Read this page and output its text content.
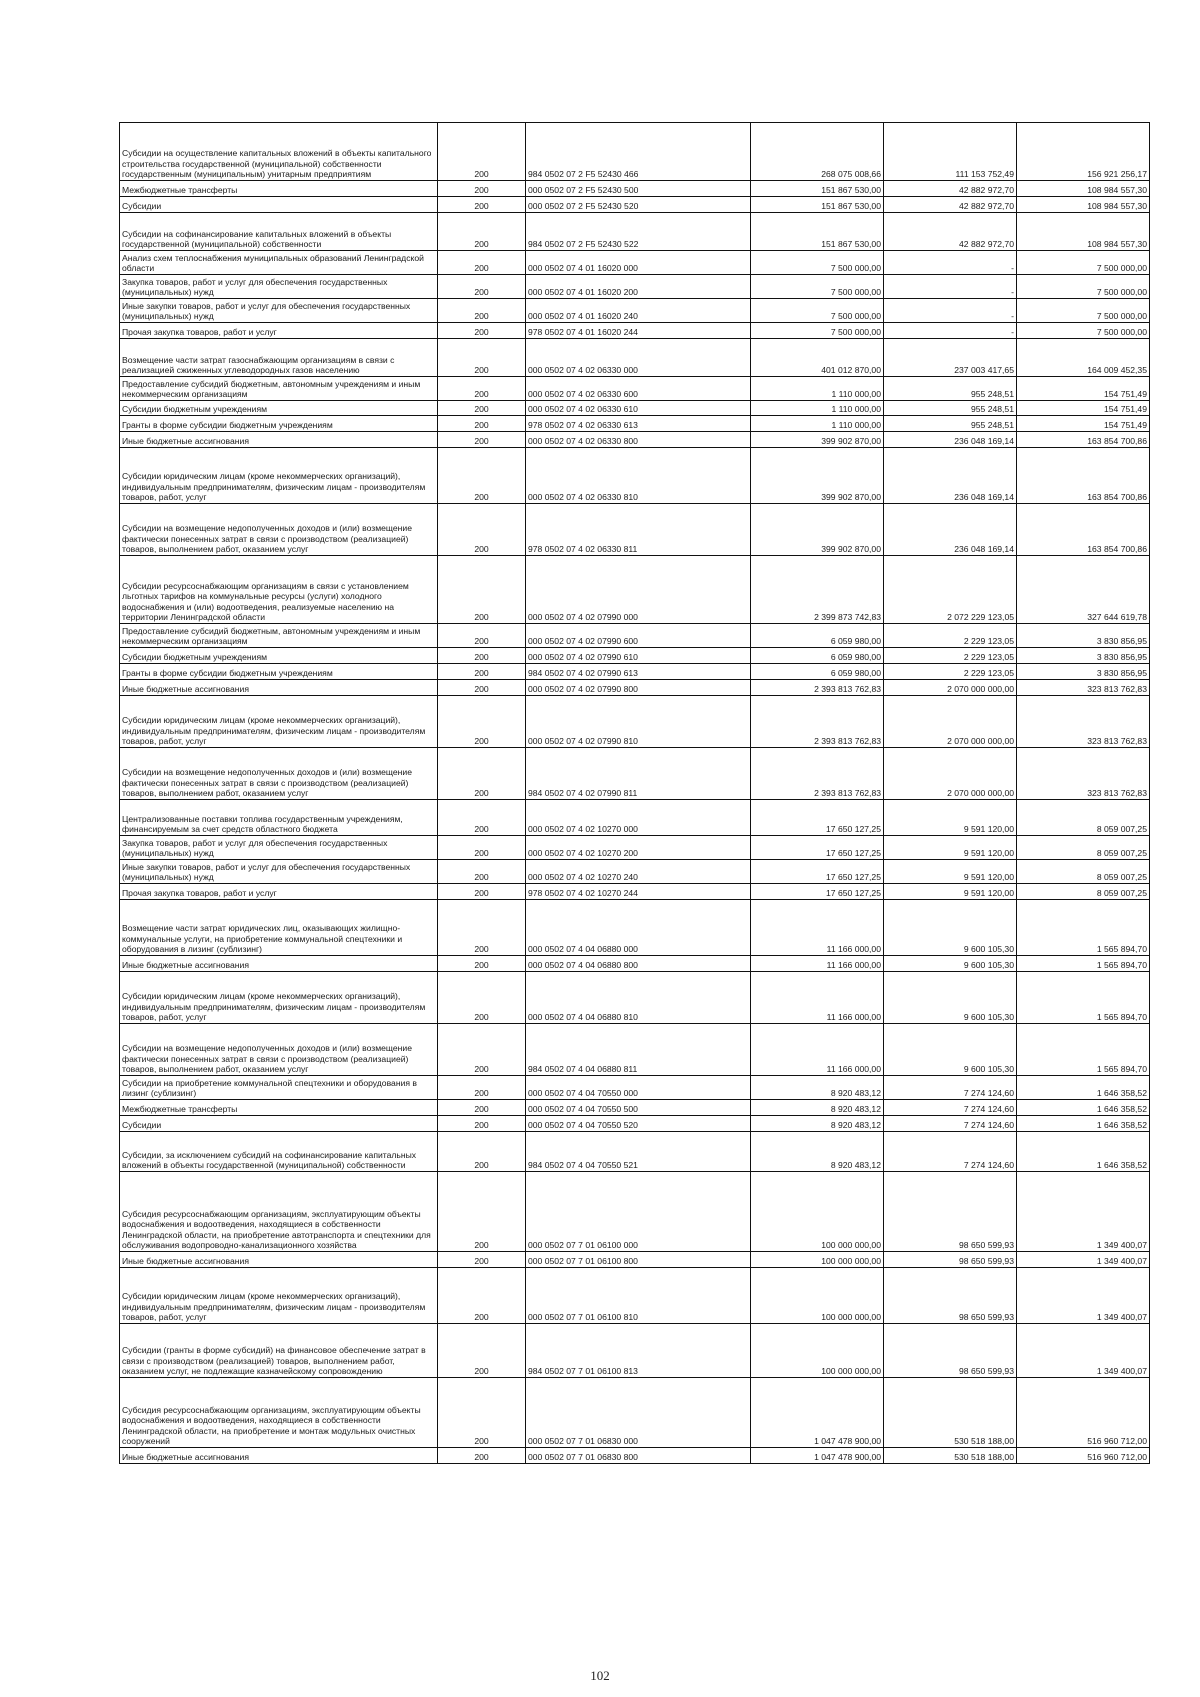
Субсидии на осуществление капитальных вложений в объекты капитального строительства государственной (муниципальной) собственности государственным (муниципальным) унитарным предприятиям	200	984 0502 07 2 F5 52430 466	268 075 008,66	111 153 752,49	156 921 256,17
Межбюджетные трансферты	200	000 0502 07 2 F5 52430 500	151 867 530,00	42 882 972,70	108 984 557,30
Субсидии	200	000 0502 07 2 F5 52430 520	151 867 530,00	42 882 972,70	108 984 557,30
Субсидии на софинансирование капитальных вложений в объекты государственной (муниципальной) собственности	200	984 0502 07 2 F5 52430 522	151 867 530,00	42 882 972,70	108 984 557,30
Анализ схем теплоснабжения муниципальных образований Ленинградской области	200	000 0502 07 4 01 16020 000	7 500 000,00	-	7 500 000,00
Закупка товаров, работ и услуг для обеспечения государственных (муниципальных) нужд	200	000 0502 07 4 01 16020 200	7 500 000,00	-	7 500 000,00
Иные закупки товаров, работ и услуг для обеспечения государственных (муниципальных) нужд	200	000 0502 07 4 01 16020 240	7 500 000,00	-	7 500 000,00
Прочая закупка товаров, работ и услуг	200	978 0502 07 4 01 16020 244	7 500 000,00	-	7 500 000,00
Возмещение части затрат газоснабжающим организациям в связи с реализацией сжиженных углеводородных газов населению	200	000 0502 07 4 02 06330 000	401 012 870,00	237 003 417,65	164 009 452,35
Предоставление субсидий бюджетным, автономным учреждениям и иным некоммерческим организациям	200	000 0502 07 4 02 06330 600	1 110 000,00	955 248,51	154 751,49
Субсидии бюджетным учреждениям	200	000 0502 07 4 02 06330 610	1 110 000,00	955 248,51	154 751,49
Гранты в форме субсидии бюджетным учреждениям	200	978 0502 07 4 02 06330 613	1 110 000,00	955 248,51	154 751,49
Иные бюджетные ассигнования	200	000 0502 07 4 02 06330 800	399 902 870,00	236 048 169,14	163 854 700,86
Субсидии юридическим лицам (кроме некоммерческих организаций), индивидуальным предпринимателям, физическим лицам - производителям товаров, работ, услуг	200	000 0502 07 4 02 06330 810	399 902 870,00	236 048 169,14	163 854 700,86
Субсидии на возмещение недополученных доходов и (или) возмещение фактически понесенных затрат в связи с производством (реализацией) товаров, выполнением работ, оказанием услуг	200	978 0502 07 4 02 06330 811	399 902 870,00	236 048 169,14	163 854 700,86
Субсидии ресурсоснабжающим организациям в связи с установлением льготных тарифов на коммунальные ресурсы (услуги) холодного водоснабжения и (или) водоотведения, реализуемые населению на территории Ленинградской области	200	000 0502 07 4 02 07990 000	2 399 873 742,83	2 072 229 123,05	327 644 619,78
Предоставление субсидий бюджетным, автономным учреждениям и иным некоммерческим организациям	200	000 0502 07 4 02 07990 600	6 059 980,00	2 229 123,05	3 830 856,95
Субсидии бюджетным учреждениям	200	000 0502 07 4 02 07990 610	6 059 980,00	2 229 123,05	3 830 856,95
Гранты в форме субсидии бюджетным учреждениям	200	984 0502 07 4 02 07990 613	6 059 980,00	2 229 123,05	3 830 856,95
Иные бюджетные ассигнования	200	000 0502 07 4 02 07990 800	2 393 813 762,83	2 070 000 000,00	323 813 762,83
Субсидии юридическим лицам (кроме некоммерческих организаций), индивидуальным предпринимателям, физическим лицам - производителям товаров, работ, услуг	200	000 0502 07 4 02 07990 810	2 393 813 762,83	2 070 000 000,00	323 813 762,83
Субсидии на возмещение недополученных доходов и (или) возмещение фактически понесенных затрат в связи с производством (реализацией) товаров, выполнением работ, оказанием услуг	200	984 0502 07 4 02 07990 811	2 393 813 762,83	2 070 000 000,00	323 813 762,83
Централизованные поставки топлива государственным учреждениям, финансируемым за счет средств областного бюджета	200	000 0502 07 4 02 10270 000	17 650 127,25	9 591 120,00	8 059 007,25
Закупка товаров, работ и услуг для обеспечения государственных (муниципальных) нужд	200	000 0502 07 4 02 10270 200	17 650 127,25	9 591 120,00	8 059 007,25
Иные закупки товаров, работ и услуг для обеспечения государственных (муниципальных) нужд	200	000 0502 07 4 02 10270 240	17 650 127,25	9 591 120,00	8 059 007,25
Прочая закупка товаров, работ и услуг	200	978 0502 07 4 02 10270 244	17 650 127,25	9 591 120,00	8 059 007,25
Возмещение части затрат юридических лиц, оказывающих жилищно-коммунальные услуги, на приобретение коммунальной спецтехники и оборудования в лизинг (сублизинг)	200	000 0502 07 4 04 06880 000	11 166 000,00	9 600 105,30	1 565 894,70
Иные бюджетные ассигнования	200	000 0502 07 4 04 06880 800	11 166 000,00	9 600 105,30	1 565 894,70
Субсидии юридическим лицам (кроме некоммерческих организаций), индивидуальным предпринимателям, физическим лицам - производителям товаров, работ, услуг	200	000 0502 07 4 04 06880 810	11 166 000,00	9 600 105,30	1 565 894,70
Субсидии на возмещение недополученных доходов и (или) возмещение фактически понесенных затрат в связи с производством (реализацией) товаров, выполнением работ, оказанием услуг	200	984 0502 07 4 04 06880 811	11 166 000,00	9 600 105,30	1 565 894,70
Субсидии на приобретение коммунальной спецтехники и оборудования в лизинг (сублизинг)	200	000 0502 07 4 04 70550 000	8 920 483,12	7 274 124,60	1 646 358,52
Межбюджетные трансферты	200	000 0502 07 4 04 70550 500	8 920 483,12	7 274 124,60	1 646 358,52
Субсидии	200	000 0502 07 4 04 70550 520	8 920 483,12	7 274 124,60	1 646 358,52
Субсидии, за исключением субсидий на софинансирование капитальных вложений в объекты государственной (муниципальной) собственности	200	984 0502 07 4 04 70550 521	8 920 483,12	7 274 124,60	1 646 358,52
Субсидия ресурсоснабжающим организациям, эксплуатирующим объекты водоснабжения и водоотведения, находящиеся в собственности Ленинградской области, на приобретение автотранспорта и спецтехники для обслуживания водопроводно-канализационного хозяйства	200	000 0502 07 7 01 06100 000	100 000 000,00	98 650 599,93	1 349 400,07
Иные бюджетные ассигнования	200	000 0502 07 7 01 06100 800	100 000 000,00	98 650 599,93	1 349 400,07
Субсидии юридическим лицам (кроме некоммерческих организаций), индивидуальным предпринимателям, физическим лицам - производителям товаров, работ, услуг	200	000 0502 07 7 01 06100 810	100 000 000,00	98 650 599,93	1 349 400,07
Субсидии (гранты в форме субсидий) на финансовое обеспечение затрат в связи с производством (реализацией) товаров, выполнением работ, оказанием услуг, не подлежащие казначейскому сопровождению	200	984 0502 07 7 01 06100 813	100 000 000,00	98 650 599,93	1 349 400,07
Субсидия ресурсоснабжающим организациям, эксплуатирующим объекты водоснабжения и водоотведения, находящиеся в собственности Ленинградской области, на приобретение и монтаж модульных очистных сооружений	200	000 0502 07 7 01 06830 000	1 047 478 900,00	530 518 188,00	516 960 712,00
Иные бюджетные ассигнования	200	000 0502 07 7 01 06830 800	1 047 478 900,00	530 518 188,00	516 960 712,00
102
